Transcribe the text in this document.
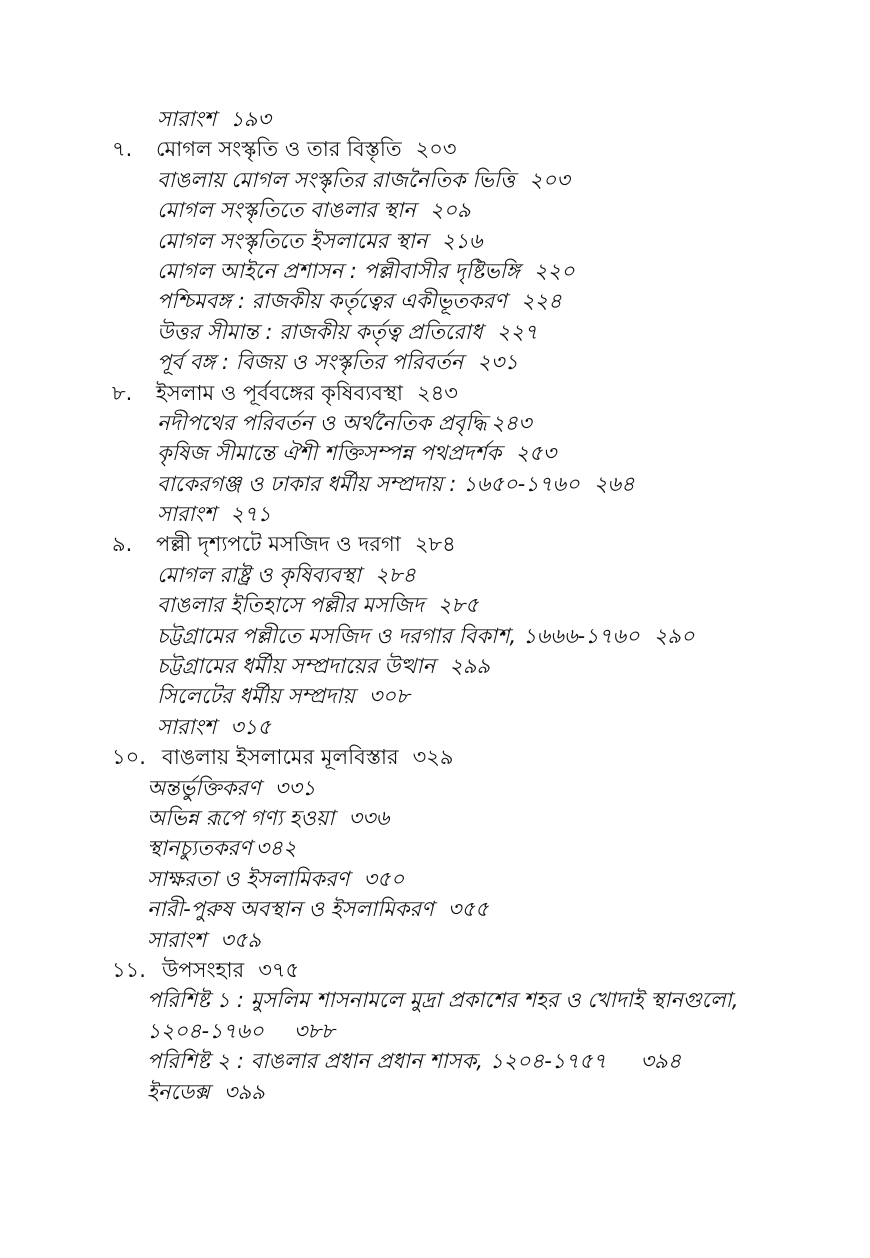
সারাংশ ১৯৩
৭. মোগল সংস্কৃতি ও তার বিস্তৃতি ২০৩
বাঙলায় মোগল সংস্কৃতির রাজনৈতিক ভিত্তি ২০৩
মোগল সংস্কৃতিতে বাঙলার স্থান ২০৯
মোগল সংস্কৃতিতে ইসলামের স্থান ২১৬
মোগল আইনে প্রশাসন : পল্লীবাসীর দৃষ্টিভঙ্গি ২২০
পশ্চিমবঙ্গ : রাজকীয় কর্তৃত্বের একীভূতকরণ ২২৪
উত্তর সীমান্ত : রাজকীয় কর্তৃত্ব প্রতিরোধ ২২৭
পূর্ব বঙ্গ : বিজয় ও সংস্কৃতির পরিবর্তন ২৩১
৮. ইসলাম ও পূর্ববঙ্গের কৃষিব্যবস্থা ২৪৩
নদীপথের পরিবর্তন ও অর্থনৈতিক প্রবৃদ্ধি ২৪৩
কৃষিজ সীমান্তে ঐশী শক্তিসম্পন্ন পথপ্রদর্শক ২৫৩
বাকেরগঞ্জ ও ঢাকার ধর্মীয় সম্প্রদায় : ১৬৫০-১৭৬০ ২৬৪
সারাংশ ২৭১
৯. পল্লী দৃশ্যপটে মসজিদ ও দরগা ২৮৪
মোগল রাষ্ট্র ও কৃষিব্যবস্থা ২৮৪
বাঙলার ইতিহাসে পল্লীর মসজিদ ২৮৫
চট্টগ্রামের পল্লীতে মসজিদ ও দরগার বিকাশ, ১৬৬৬-১৭৬০ ২৯০
চট্টগ্রামের ধর্মীয় সম্প্রদায়ের উত্থান ২৯৯
সিলেটের ধর্মীয় সম্প্রদায় ৩০৮
সারাংশ ৩১৫
১০. বাঙলায় ইসলামের মূলবিস্তার ৩২৯
অন্তর্ভুক্তিকরণ ৩৩১
অভিন্ন রূপে গণ্য হওয়া ৩৩৬
স্থানচ্যুতকরণ ৩৪২
সাক্ষরতা ও ইসলামিকরণ ৩৫০
নারী-পুরুষ অবস্থান ও ইসলামিকরণ ৩৫৫
সারাংশ ৩৫৯
১১. উপসংহার ৩৭৫
পরিশিষ্ট ১ : মুসলিম শাসনামলে মুদ্রা প্রকাশের শহর ও খোদাই স্থানগুলো,
১২০৪-১৭৬০ ৩৮৮
পরিশিষ্ট ২ : বাঙলার প্রধান প্রধান শাসক, ১২০৪-১৭৫৭ ৩৯৪
ইনডেক্স ৩৯৯
